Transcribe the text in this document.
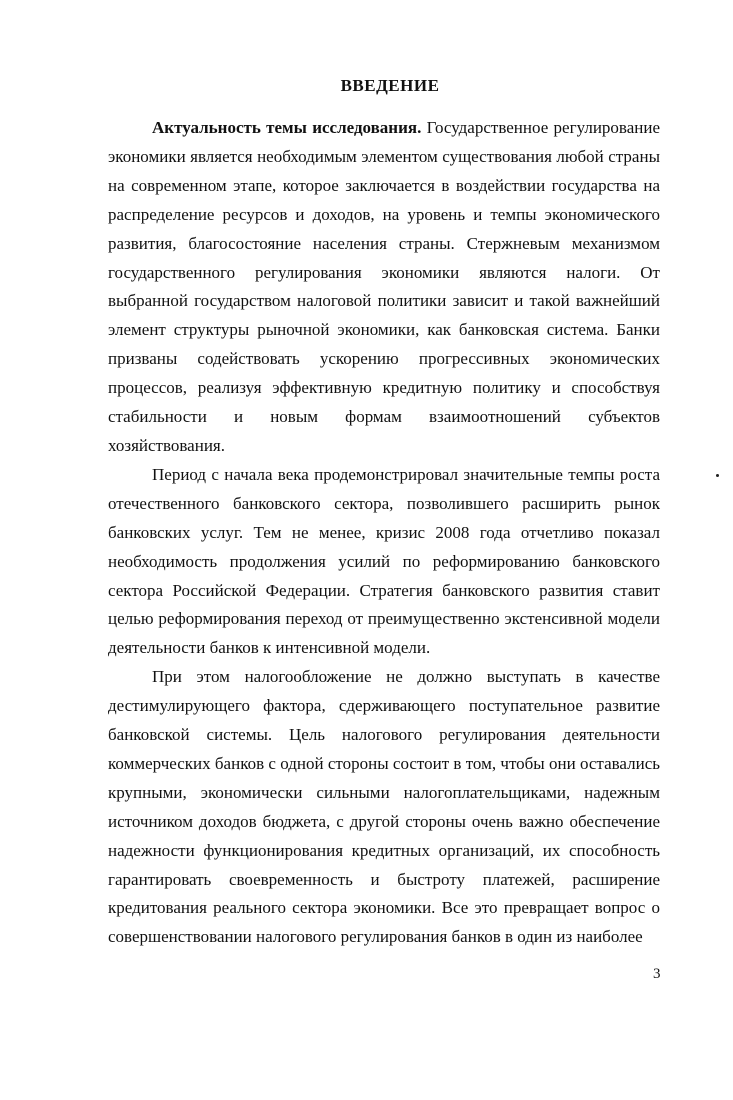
ВВЕДЕНИЕ

Актуальность темы исследования. Государственное регулирование экономики является необходимым элементом существования любой страны на современном этапе, которое заключается в воздействии государства на распределение ресурсов и доходов, на уровень и темпы экономического развития, благосостояние населения страны. Стержневым механизмом государственного регулирования экономики являются налоги. От выбранной государством налоговой политики зависит и такой важнейший элемент структуры рыночной экономики, как банковская система. Банки призваны содействовать ускорению прогрессивных экономических процессов, реализуя эффективную кредитную политику и способствуя стабильности и новым формам взаимоотношений субъектов хозяйствования.

Период с начала века продемонстрировал значительные темпы роста отечественного банковского сектора, позволившего расширить рынок банковских услуг. Тем не менее, кризис 2008 года отчетливо показал необходимость продолжения усилий по реформированию банковского сектора Российской Федерации. Стратегия банковского развития ставит целью реформирования переход от преимущественно экстенсивной модели деятельности банков к интенсивной модели.

При этом налогообложение не должно выступать в качестве дестимулирующего фактора, сдерживающего поступательное развитие банковской системы. Цель налогового регулирования деятельности коммерческих банков с одной стороны состоит в том, чтобы они оставались крупными, экономически сильными налогоплательщиками, надежным источником доходов бюджета, с другой стороны очень важно обеспечение надежности функционирования кредитных организаций, их способность гарантировать своевременность и быстроту платежей, расширение кредитования реального сектора экономики. Все это превращает вопрос о совершенствовании налогового регулирования банков в один из наиболее

3
